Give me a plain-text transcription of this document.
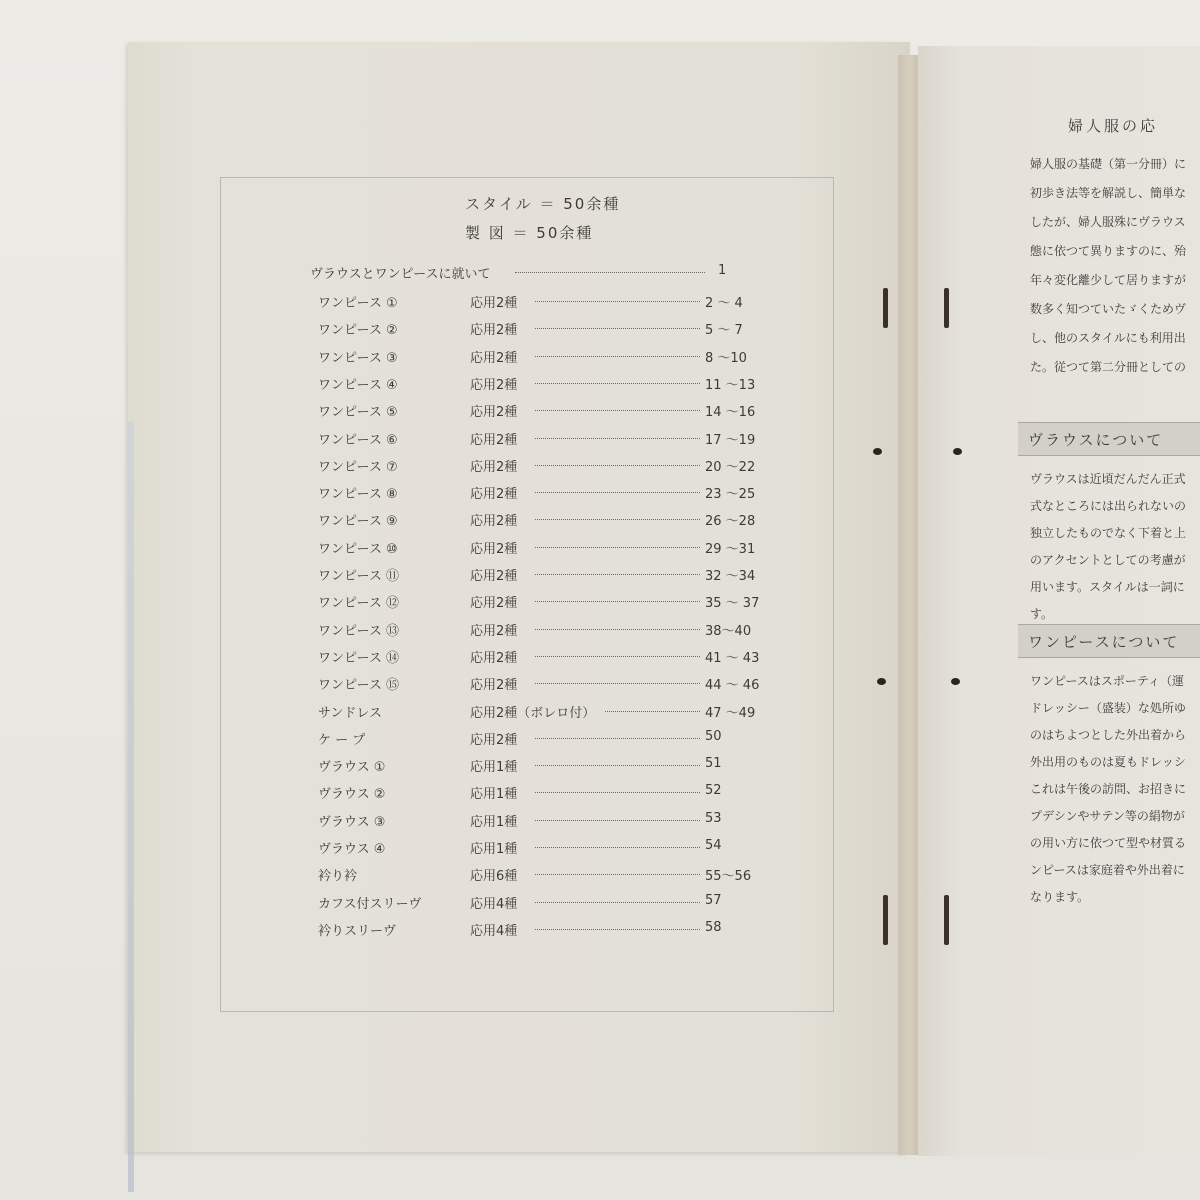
スタイル ＝ 50余種
製 図 ＝ 50余種
ヴラウスとワンピースに就いて	1
ワンピース ①	応用2種	2 ～ 4
ワンピース ②	応用2種	5 ～ 7
ワンピース ③	応用2種	8 ～10
ワンピース ④	応用2種	11 ～13
ワンピース ⑤	応用2種	14 ～16
ワンピース ⑥	応用2種	17 ～19
ワンピース ⑦	応用2種	20 ～22
ワンピース ⑧	応用2種	23 ～25
ワンピース ⑨	応用2種	26 ～28
ワンピース ⑩	応用2種	29 ～31
ワンピース ⑪	応用2種	32 ～34
ワンピース ⑫	応用2種	35 ～ 37
ワンピース ⑬	応用2種	38～40
ワンピース ⑭	応用2種	41 ～ 43
ワンピース ⑮	応用2種	44 ～ 46
サンドレス	応用2種（ボレロ付）	47 ～49
ケ ー プ	応用2種	50
ヴラウス ①	応用1種	51
ヴラウス ②	応用1種	52
ヴラウス ③	応用1種	53
ヴラウス ④	応用1種	54
衿り衿	応用6種	55～56
カフス付スリーヴ	応用4種	57
衿りスリーヴ	応用4種	58
婦人服の応
婦人服の基礎（第一分冊）に
初歩き法等を解説し、簡単な
したが、婦人服殊にヴラウス
態に依つて異りますのに、殆
年々変化離少して居りますが
数多く知つていたゞくためヴ
し、他のスタイルにも利用出
た。従つて第二分冊としての
ヴラウスについて
ヴラウスは近頃だんだん正式
式なところには出られないの
独立したものでなく下着と上
のアクセントとしての考慮が
用います。スタイルは一詞に
す。
ワンピースについて
ワンピースはスポーティ（運
ドレッシー（盛装）な処所ゆ
のはちよつとした外出着から
外出用のものは夏もドレッシ
これは午後の訪問、お招きに
プデシンやサテン等の絹物が
の用い方に依つて型や材質る
ンピースは家庭着や外出着に
なります。
